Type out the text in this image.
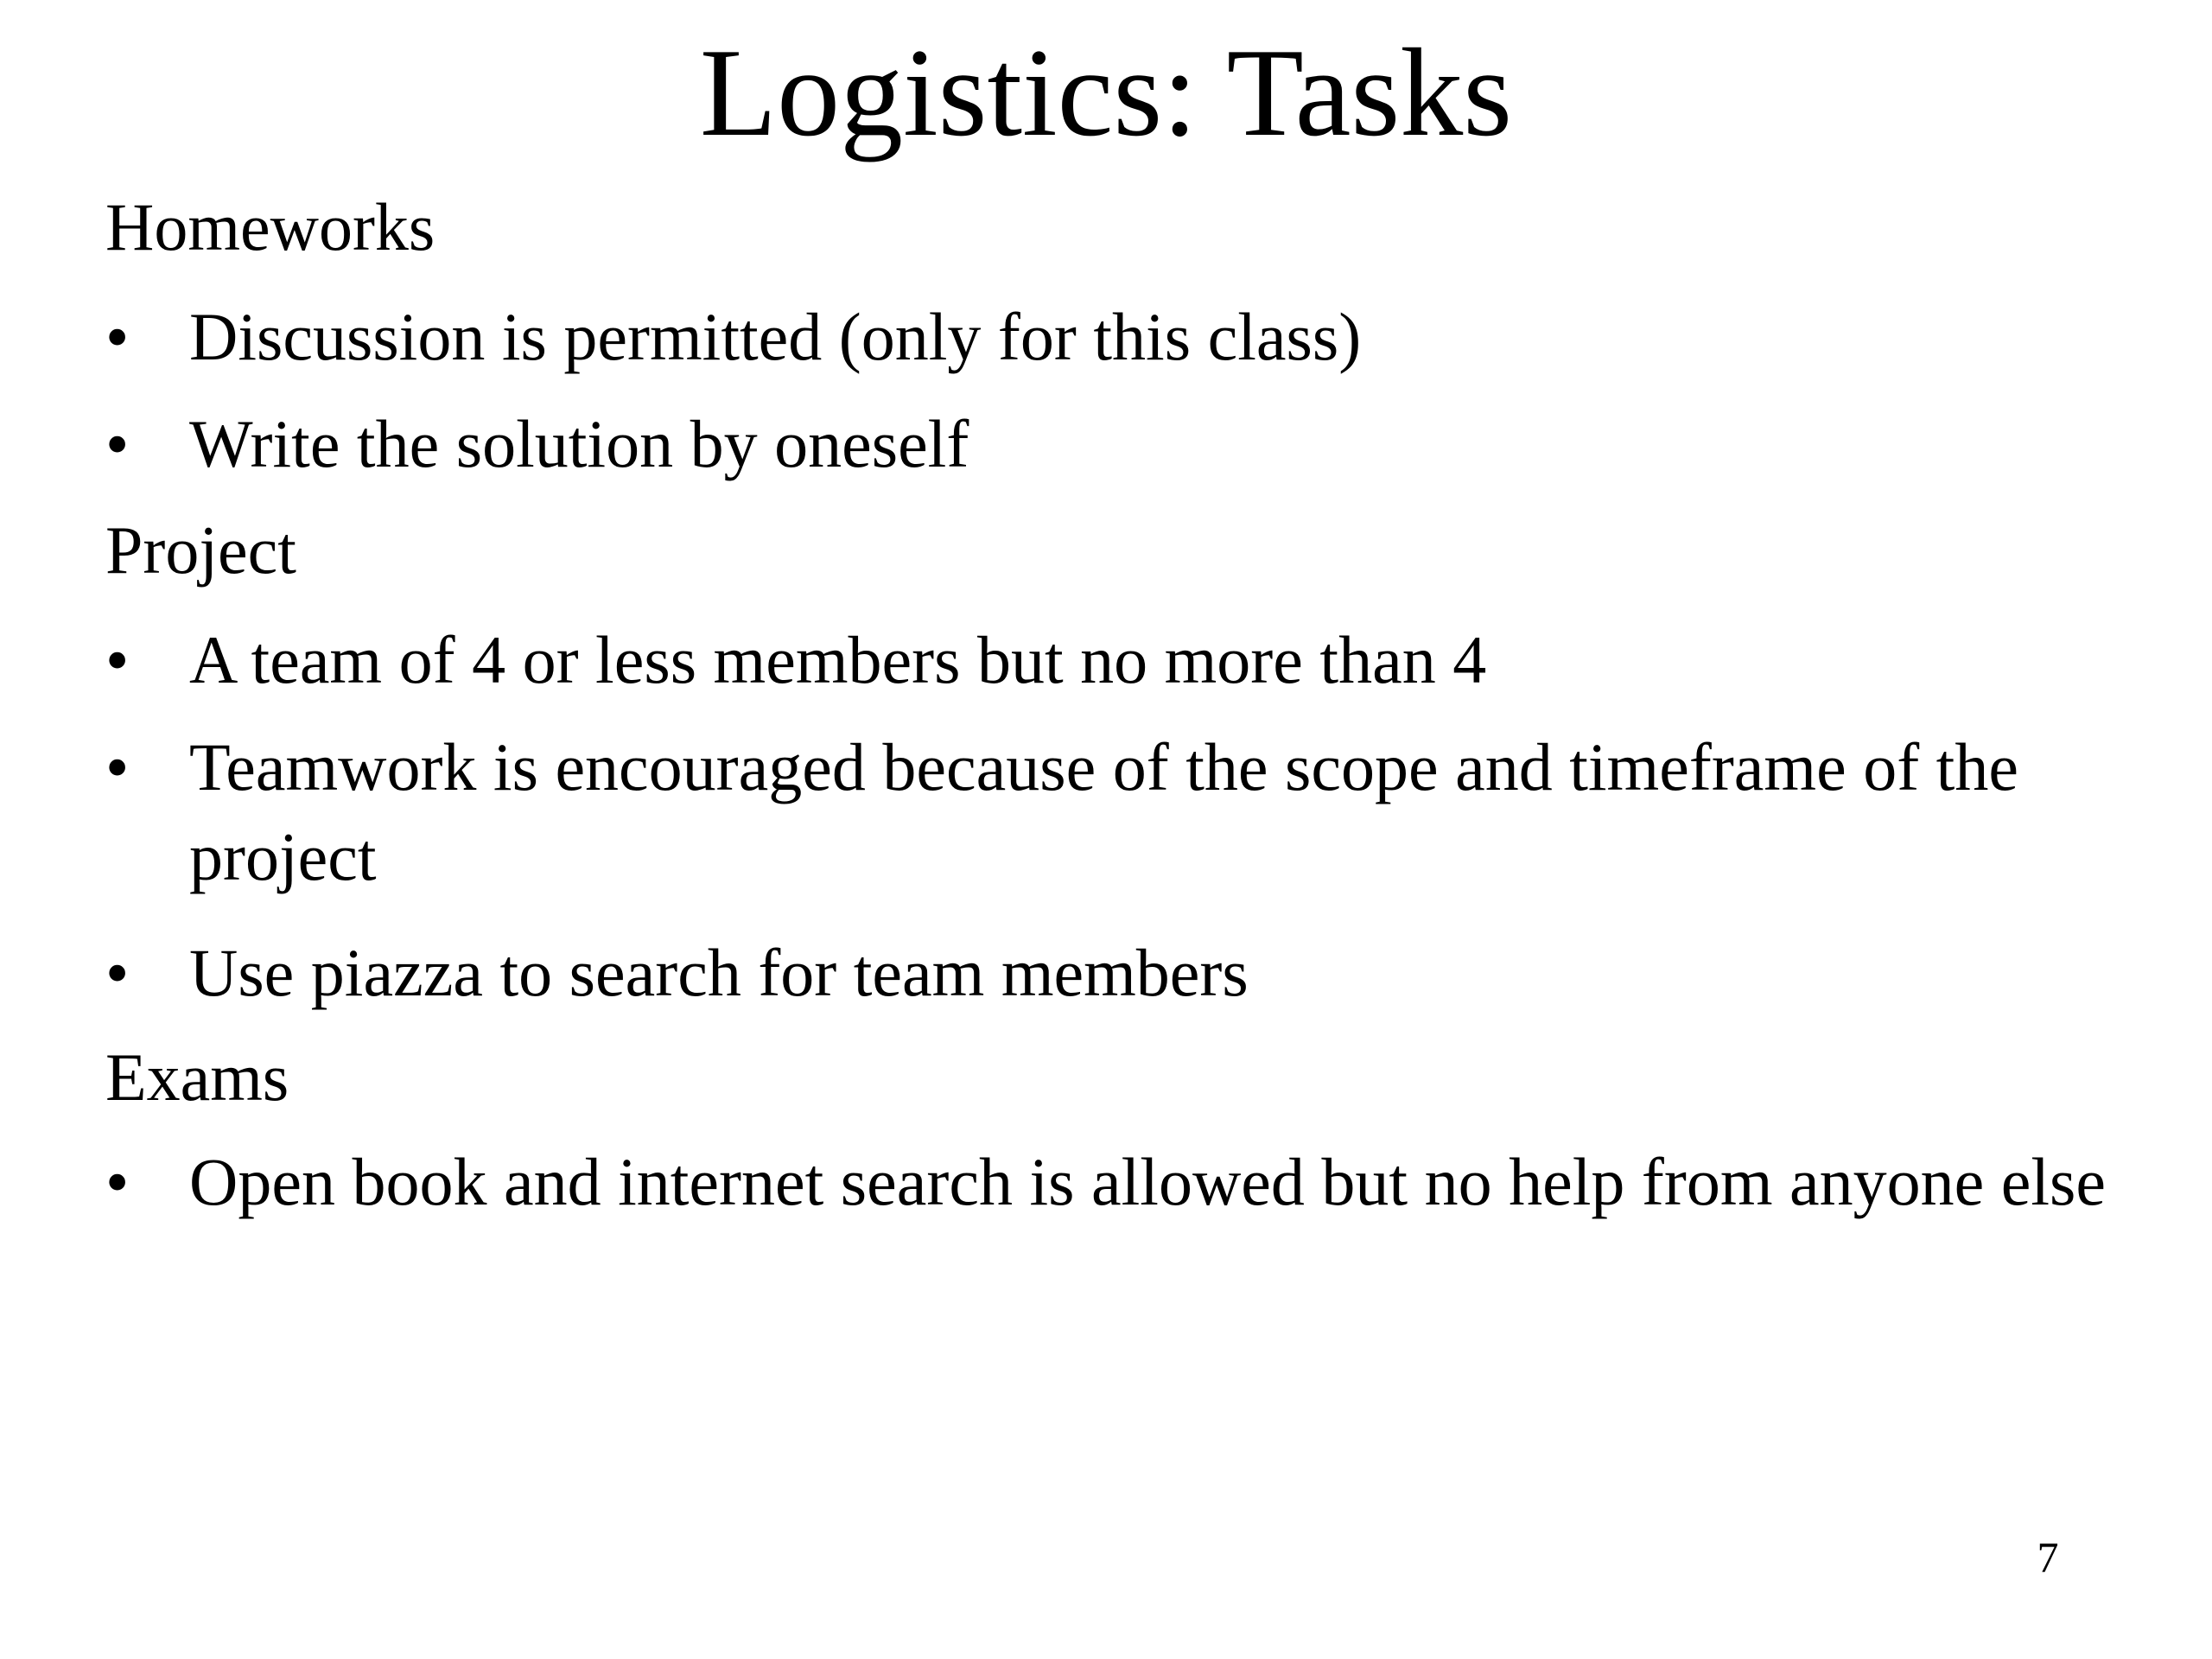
Logistics: Tasks
Homeworks
• Discussion is permitted (only for this class)
• Write the solution by oneself
Project
• A team of 4 or less members but no more than 4
• Teamwork is encouraged because of the scope and timeframe of the project
• Use piazza to search for team members
Exams
• Open book and internet search is allowed but no help from anyone else
7
